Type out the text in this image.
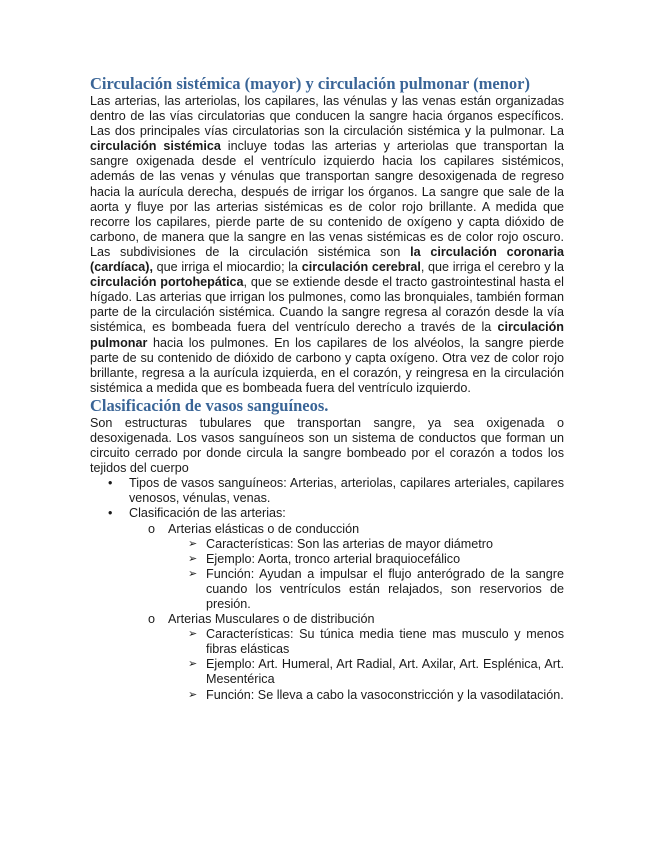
Circulación sistémica (mayor) y circulación pulmonar (menor)

Las arterias, las arteriolas, los capilares, las vénulas y las venas están organizadas dentro de las vías circulatorias que conducen la sangre hacia órganos específicos. Las dos principales vías circulatorias son la circulación sistémica y la pulmonar. La circulación sistémica incluye todas las arterias y arteriolas que transportan la sangre oxigenada desde el ventrículo izquierdo hacia los capilares sistémicos, además de las venas y vénulas que transportan sangre desoxigenada de regreso hacia la aurícula derecha, después de irrigar los órganos. La sangre que sale de la aorta y fluye por las arterias sistémicas es de color rojo brillante. A medida que recorre los capilares, pierde parte de su contenido de oxígeno y capta dióxido de carbono, de manera que la sangre en las venas sistémicas es de color rojo oscuro. Las subdivisiones de la circulación sistémica son la circulación coronaria (cardíaca), que irriga el miocardio; la circulación cerebral, que irriga el cerebro y la circulación portohepática, que se extiende desde el tracto gastrointestinal hasta el hígado. Las arterias que irrigan los pulmones, como las bronquiales, también forman parte de la circulación sistémica. Cuando la sangre regresa al corazón desde la vía sistémica, es bombeada fuera del ventrículo derecho a través de la circulación pulmonar hacia los pulmones. En los capilares de los alvéolos, la sangre pierde parte de su contenido de dióxido de carbono y capta oxígeno. Otra vez de color rojo brillante, regresa a la aurícula izquierda, en el corazón, y reingresa en la circulación sistémica a medida que es bombeada fuera del ventrículo izquierdo.

Clasificación de vasos sanguíneos.

Son estructuras tubulares que transportan sangre, ya sea oxigenada o desoxigenada. Los vasos sanguíneos son un sistema de conductos que forman un circuito cerrado por donde circula la sangre bombeado por el corazón a todos los tejidos del cuerpo

• Tipos de vasos sanguíneos: Arterias, arteriolas, capilares arteriales, capilares venosos, vénulas, venas.
• Clasificación de las arterias:
o Arterias elásticas o de conducción
➢ Características: Son las arterias de mayor diámetro
➢ Ejemplo: Aorta, tronco arterial braquiocefálico
➢ Función: Ayudan a impulsar el flujo anterógrado de la sangre cuando los ventrículos están relajados, son reservorios de presión.
o Arterias Musculares o de distribución
➢ Características: Su túnica media tiene mas musculo y menos fibras elásticas
➢ Ejemplo: Art. Humeral, Art Radial, Art. Axilar, Art. Esplénica, Art. Mesentérica
➢ Función: Se lleva a cabo la vasoconstricción y la vasodilatación.
